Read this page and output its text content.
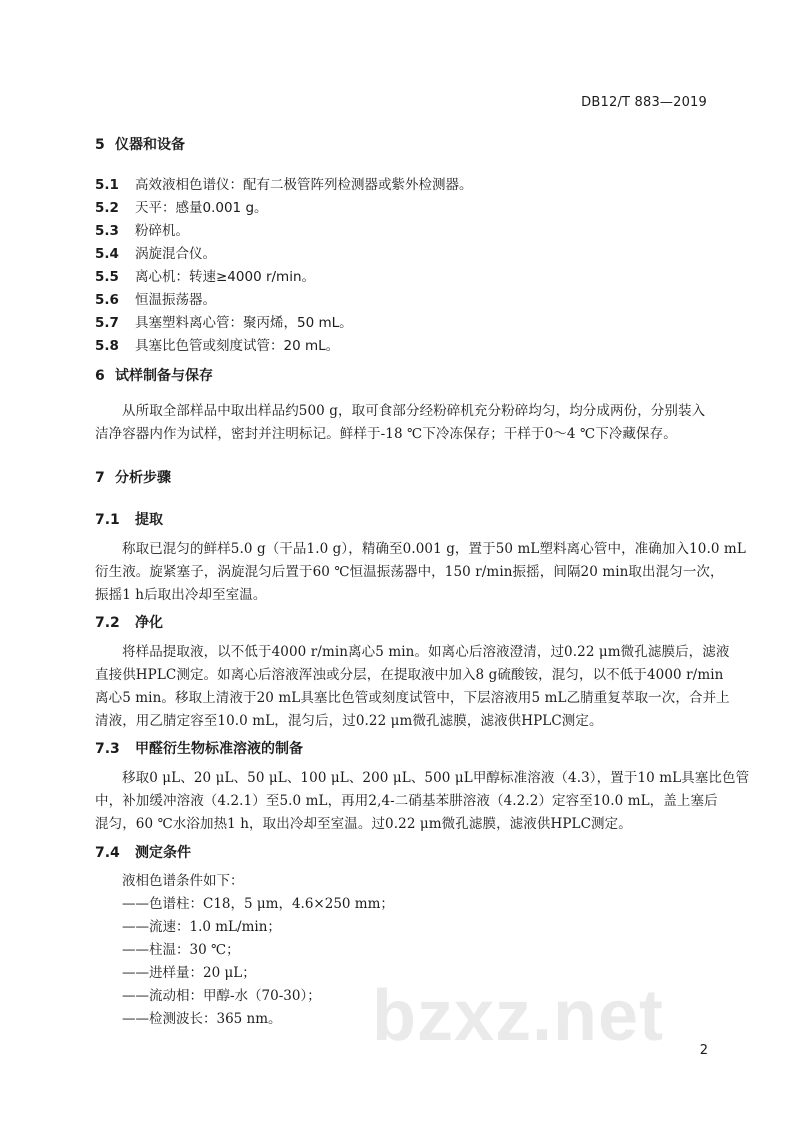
DB12/T 883—2019
5 仪器和设备
5.1 高效液相色谱仪：配有二极管阵列检测器或紫外检测器。
5.2 天平：感量0.001 g。
5.3 粉碎机。
5.4 涡旋混合仪。
5.5 离心机：转速≥4000 r/min。
5.6 恒温振荡器。
5.7 具塞塑料离心管：聚丙烯，50 mL。
5.8 具塞比色管或刻度试管：20 mL。
6 试样制备与保存
从所取全部样品中取出样品约500 g，取可食部分经粉碎机充分粉碎均匀，均分成两份，分别装入
洁净容器内作为试样，密封并注明标记。鲜样于-18 ℃下冷冻保存；干样于0～4 ℃下冷藏保存。
7 分析步骤
7.1 提取
称取已混匀的鲜样5.0 g（干品1.0 g），精确至0.001 g，置于50 mL塑料离心管中，准确加入10.0 mL
衍生液。旋紧塞子，涡旋混匀后置于60 ℃恒温振荡器中，150 r/min振摇，间隔20 min取出混匀一次，
振摇1 h后取出冷却至室温。
7.2 净化
将样品提取液，以不低于4000 r/min离心5 min。如离心后溶液澄清，过0.22 μm微孔滤膜后，滤液
直接供HPLC测定。如离心后溶液浑浊或分层，在提取液中加入8 g硫酸铵，混匀，以不低于4000 r/min
离心5 min。移取上清液于20 mL具塞比色管或刻度试管中，下层溶液用5 mL乙腈重复萃取一次，合并上
清液，用乙腈定容至10.0 mL，混匀后，过0.22 μm微孔滤膜，滤液供HPLC测定。
7.3 甲醛衍生物标准溶液的制备
移取0 μL、20 μL、50 μL、100 μL、200 μL、500 μL甲醇标准溶液（4.3），置于10 mL具塞比色管
中，补加缓冲溶液（4.2.1）至5.0 mL，再用2,4-二硝基苯肼溶液（4.2.2）定容至10.0 mL，盖上塞后
混匀，60 ℃水浴加热1 h，取出冷却至室温。过0.22 μm微孔滤膜，滤液供HPLC测定。
7.4 测定条件
液相色谱条件如下：
——色谱柱：C18，5 μm，4.6×250 mm；
——流速：1.0 mL/min；
——柱温：30 ℃；
——进样量：20 μL；
——流动相：甲醇-水（70-30）；
——检测波长：365 nm。 bzxz.net	2
